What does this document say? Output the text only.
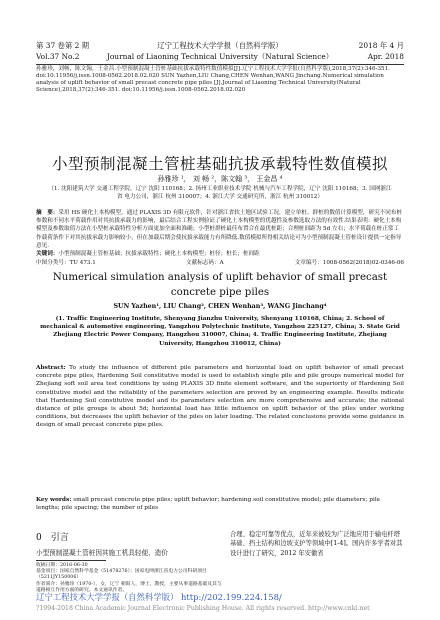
第 37 卷第 2 期	辽宁工程技术大学学报（自然科学版）	2018 年 4 月
Vol.37 No.2	Journal of Liaoning Technical University（Natural Science）	Apr. 2018
孙雅珍，刘畅，陈文翰，王金昌.小型预制混凝土管桩基础抗拔承载特性数值模拟[J].辽宁工程技术大学学报(自然科学版),2018,37(2):346-351. doi:10.11956/j.issn.1008-0562.2018.02.020 SUN Yazhen,LIU Chang,CHEN Wenhan,WANG Jinchang.Numerical simulation analysis of uplift behavior of small precast concrete pipe piles [J].Journal of Liaoning Technical University(Natural Science),2018,37(2):346-351. doi:10.11956/j.issn.1008-0562.2018.02.020
小型预制混凝土管桩基础抗拔承载特性数值模拟
孙雅珍 ¹， 刘 畅 ²，陈文翰 ³， 王金昌 ⁴
（1. 沈阳建筑大学 交通工程学院，辽宁 沈阳 110168；2. 扬州工业职业技术学院 机械与汽车工程学院，辽宁 沈阳 110168；3. 国网浙江省 电力公司，浙江 杭州 310007；4. 浙江大学 交通研究所，浙江 杭州 310012）
摘　要：采用 HS 硬化土本构模型，通过 PLAXIS 3D 有限元软件，针对浙江省软土地区试验工况，建立单桩、群桩的数值计算模型，研究不同布桩参数和不同水平荷载作用对其抗拔承载力的影响，最后结合工程实例验证了硬化土本构模型的优越性及参数选取方法的有效性.结果表明：硬化土本构模型及参数取值方法在小型桩承载特性分析方面更加全面和准确；小型桩群桩最佳布置合在最优桩距；合理桩间距为 5d 左右；水平荷载在桩正常工作载荷条件下对其抗拔承载力影响较小，但在加载后期会使抗拔承载能力有所降低.数值模拟所得相关结论可为小型预制混凝土管桩设计提供一定指导意见.
关键词：小型预制混凝土管桩基础；抗拔承载特性；硬化土本构模型；桩径；桩长；桩间距
中图分类号：TU 473.1	文献标志码：A	文章编号：1008-0562(2018)02-0346-06
Numerical simulation analysis of uplift behavior of small precast concrete pipe piles
SUN Yazhen¹, LIU Chang², CHEN Wenhan³, WANG Jinchang⁴
(1. Traffic Engineering Institute, Shenyang Jianzhu University, Shenyang 110168, China; 2. School of mechanical & automotive engineering, Yangzhou Polytechnic Institute, Yangzhou 225127, China; 3. State Grid Zhejiang Electric Power Company, Hangzhou 310007, China; 4. Traffic Engineering Institute, Zhejiang University, Hangzhou 310012, China)
Abstract: To study the influence of different pile parameters and horizontal load on uplift behavior of small precast concrete pipe piles, Hardening Soil constitutive model is used to establish single pile and pile groups numerical model for Zhejiang soft soil area test conditions by using PLAXIS 3D finite element software, and the superiority of Hardening Soil constitutive model and the reliability of the parameters selection are proved by an engineering example. Results indicate that Hardening Soil constitutive model and its parameters selection are more comprehensive and accurate; the rational distance of pile groups is about 5d; horizontal load has little influence on uplift behavior of the piles under working conditions, but decreases the uplift behavior of the piles on later loading. The related conclusions provide some guidance in design of small precast concrete pipe piles.
Key words: small precast concrete pipe piles; uplift behavior; hardening soil constitutive model; pile diameters; pile lengths; pile spacing; the number of piles
0　引言
小型预制混凝土管桩因其施工机具轻便、造价
合理、稳定可靠等优点，近年来被较为广泛地应用于输电杆塔基础、挡土结构和边坡支护等领域中[1-4]。国内许多学者对其设计进行了研究，2012 年安徽省
收稿日期：2016-06-30
基金项目：国家自然科学基金（51478276）；国家电网浙江省电力公司科研项目（5211JY150006）
作者简介：孙雅珍（1970-），女，辽宁 朝阳人，博士，教授，主要从事道路基础及其与道路相互作用方面的研究。本文通讯作者。
辽宁工程技术大学学报（自然科学版） http://202.199.224.158/
?1994-2018 China Academic Journal Electronic Publishing House. All rights reserved. http://www.cnki.net
